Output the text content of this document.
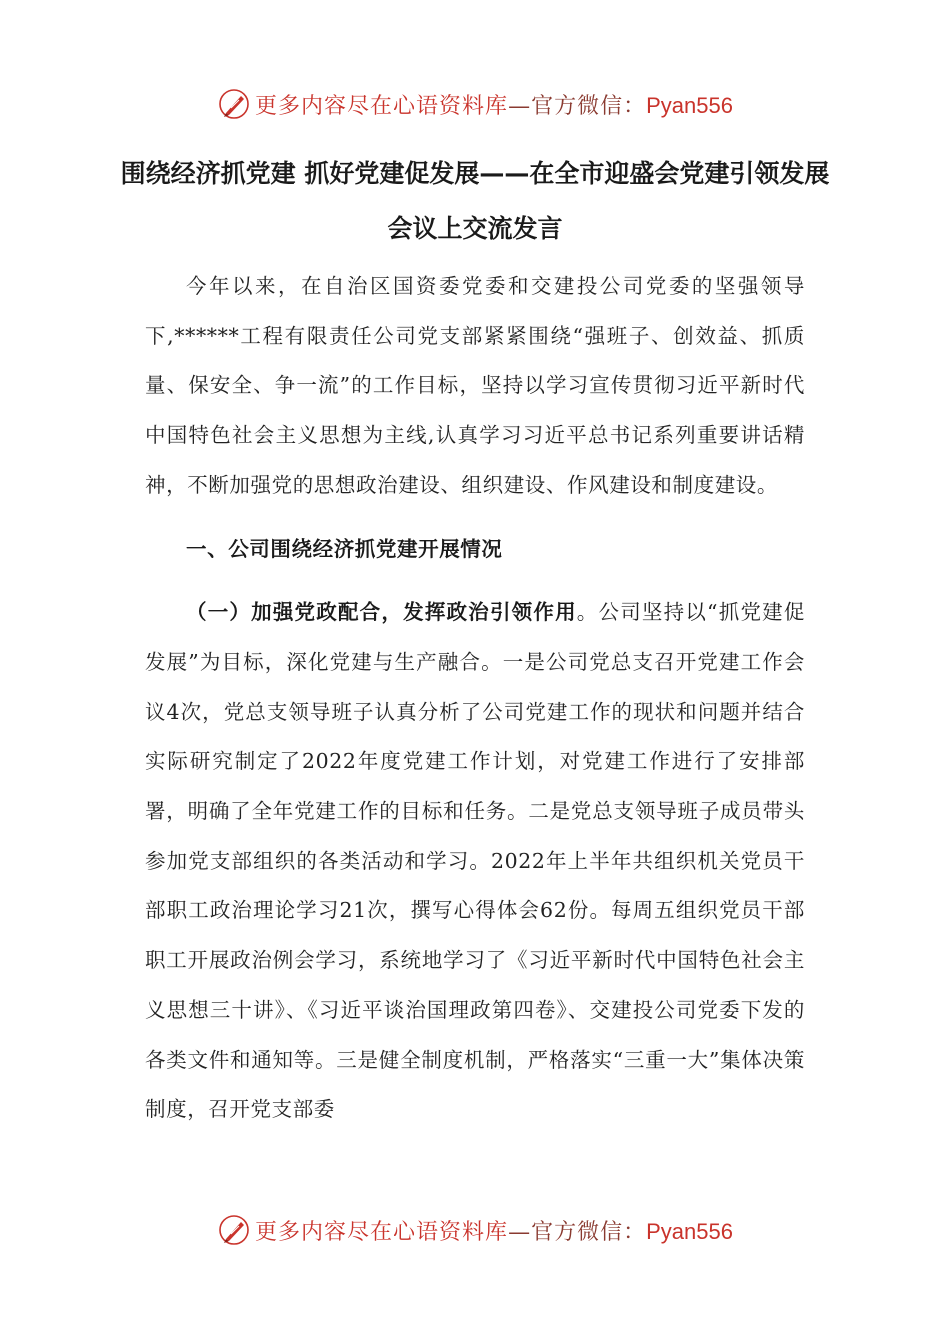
更多内容尽在心语资料库—官方微信：Pyan556
围绕经济抓党建 抓好党建促发展——在全市迎盛会党建引领发展会议上交流发言

今年以来，在自治区国资委党委和交建投公司党委的坚强领导下,******工程有限责任公司党支部紧紧围绕“强班子、创效益、抓质量、保安全、争一流”的工作目标，坚持以学习宣传贯彻习近平新时代中国特色社会主义思想为主线,认真学习习近平总书记系列重要讲话精神，不断加强党的思想政治建设、组织建设、作风建设和制度建设。

一、公司围绕经济抓党建开展情况

（一）加强党政配合，发挥政治引领作用。公司坚持以“抓党建促发展”为目标，深化党建与生产融合。一是公司党总支召开党建工作会议4次，党总支领导班子认真分析了公司党建工作的现状和问题并结合实际研究制定了2022年度党建工作计划，对党建工作进行了安排部署，明确了全年党建工作的目标和任务。二是党总支领导班子成员带头参加党支部组织的各类活动和学习。2022年上半年共组织机关党员干部职工政治理论学习21次，撰写心得体会62份。每周五组织党员干部职工开展政治例会学习，系统地学习了《习近平新时代中国特色社会主义思想三十讲》、《习近平谈治国理政第四卷》、交建投公司党委下发的各类文件和通知等。三是健全制度机制，严格落实“三重一大”集体决策制度，召开党支部委

更多内容尽在心语资料库—官方微信：Pyan556
